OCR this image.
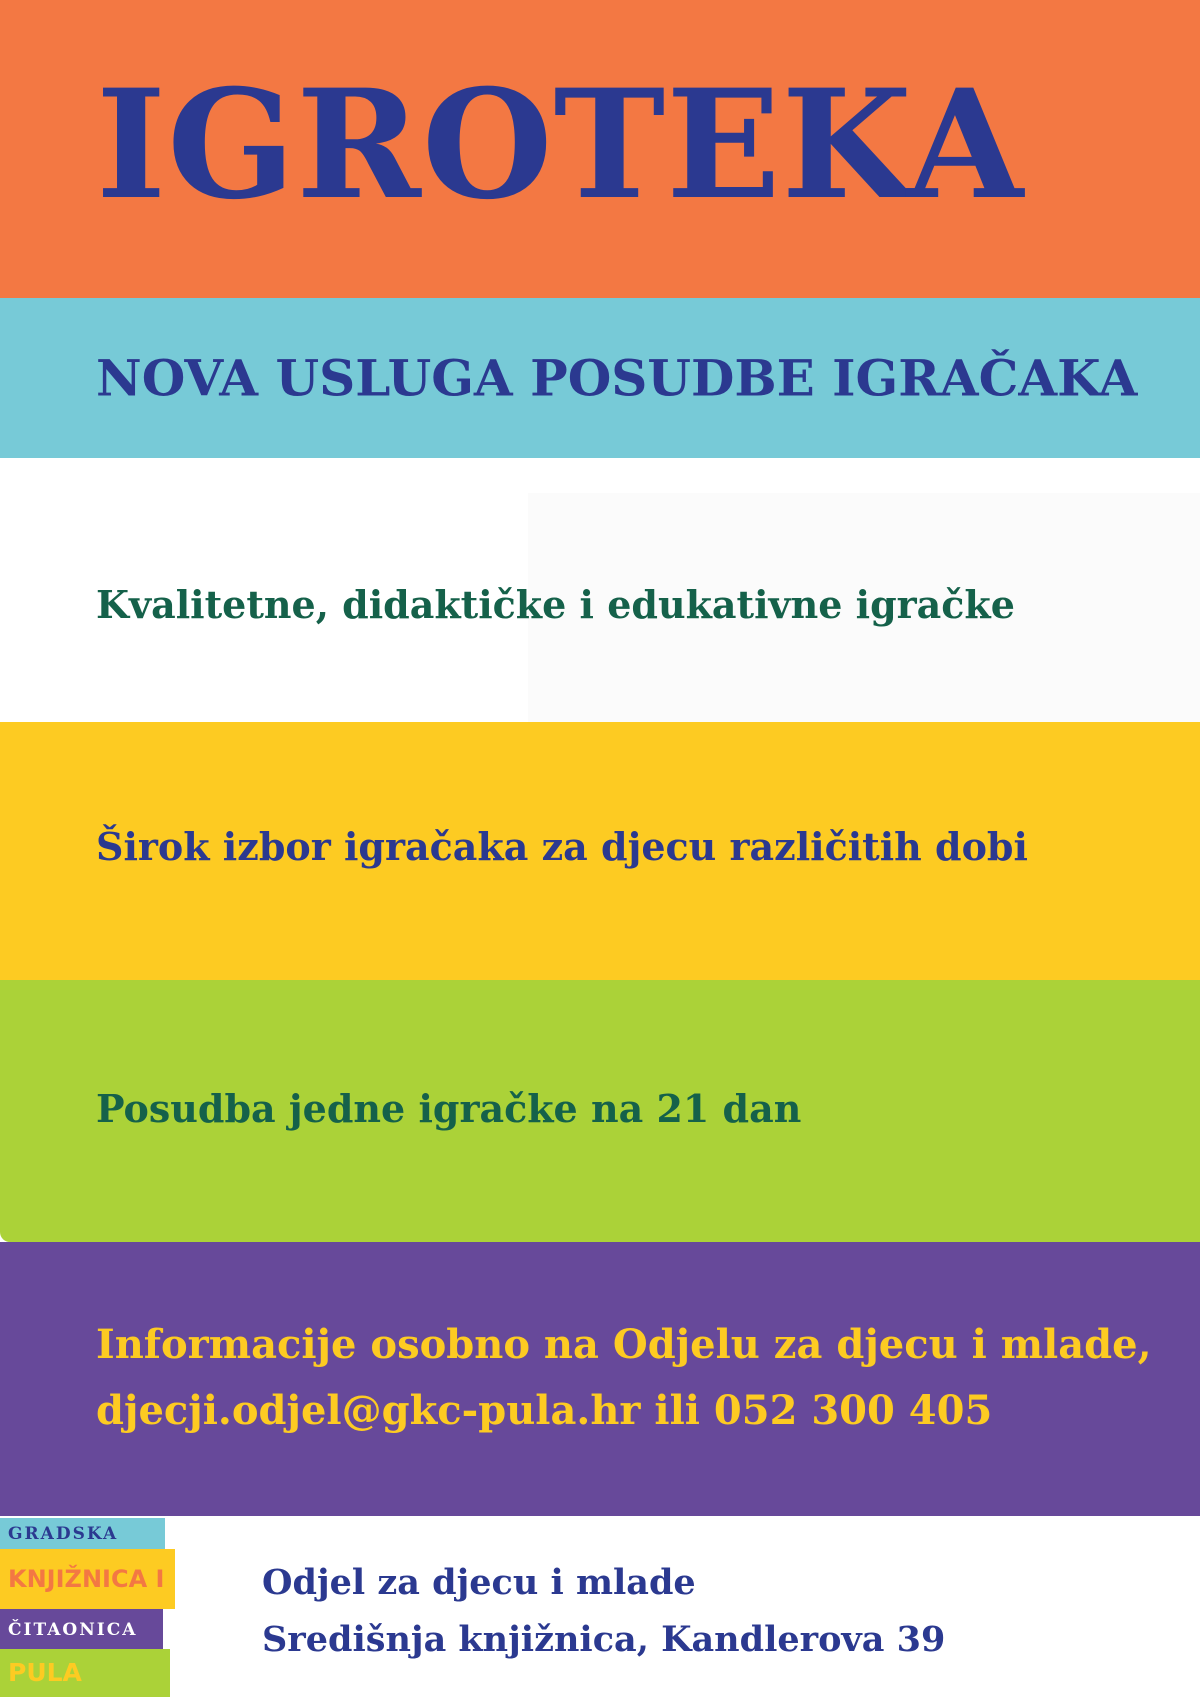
IGROTEKA
NOVA USLUGA POSUDBE IGRAČAKA
Kvalitetne, didaktičke i edukativne igračke
Širok izbor igračaka za djecu različitih dobi
Posudba jedne igračke na 21 dan
Informacije osobno na Odjelu za djecu i mlade,
djecji.odjel@gkc-pula.hr ili 052 300 405
GRADSKA
KNJIŽNICA I
ČITAONICA
PULA
Odjel za djecu i mlade
Središnja knjižnica, Kandlerova 39
